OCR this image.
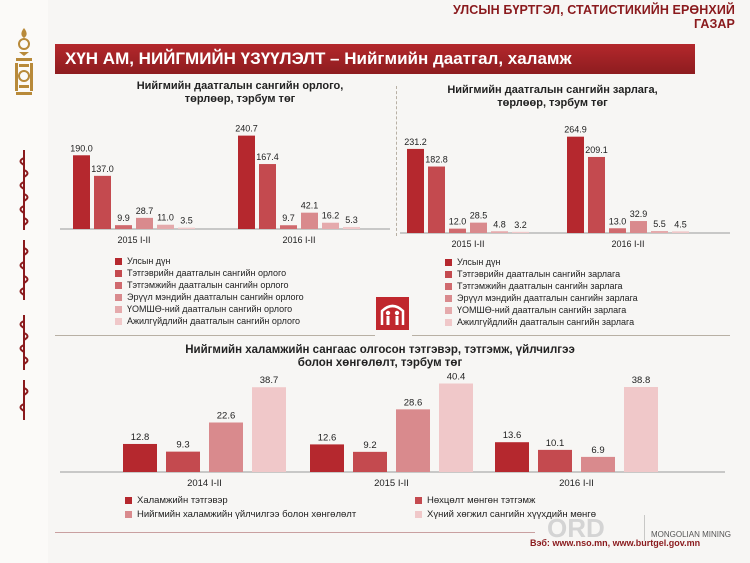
УЛСЫН БҮРТГЭЛ, СТАТИСТИКИЙН ЕРӨНХИЙ ГАЗАР
ХҮН АМ, НИЙГМИЙН ҮЗҮҮЛЭЛТ – Нийгмийн даатгал, халамж
Нийгмийн даатгалын сангийн орлого,
төрлөөр, тэрбум төг
190.0
137.0
9.9
28.7
11.0 3.5
2015 I-II
240.7
167.4
9.7
42.1
16.2 5.3
2016 I-II
Улсын дүн
Тэтгэврийн даатгалын сангийн орлого
Тэтгэмжийн даатгалын сангийн орлого
Эрүүл мэндийн даатгалын сангийн орлого
ҮОМШӨ-ний даатгалын сангийн орлого
Ажилгүйдлийн даатгалын сангийн орлого
Нийгмийн даатгалын сангийн зарлага,
төрлөөр, тэрбум төг
231.2
182.8
12.0
28.5
4.8 3.2
2015 I-II
264.9
209.1
13.0
32.9
5.5 4.5
2016 I-II
Улсын дүн
Тэтгэврийн даатгалын сангийн зарлага
Тэтгэмжийн даатгалын сангийн зарлага
Эрүүл мэндийн даатгалын сангийн зарлага
ҮОМШӨ-ний даатгалын сангийн зарлага
Ажилгүйдлийн даатгалын сангийн зарлага
Нийгмийн халамжийн сангаас олгосон тэтгэвэр, тэтгэмж, үйлчилгээ
болон хөнгөлөлт, тэрбум төг
12.8
9.3
22.6
38.7
2014 I-II
12.6
9.2
28.6
40.4
2015 I-II
13.6
10.1
6.9
38.8
2016 I-II
Халамжийн тэтгэвэр	Нөхцөлт мөнгөн тэтгэмж
Нийгмийн халамжийн үйлчилгээ болон хөнгөлөлт	Хүний хөгжил сангийн хүүхдийн мөнгө
Вэб: www.nso.mn, www.burtgel.gov.mn
ORD	MONGOLIAN MINING
